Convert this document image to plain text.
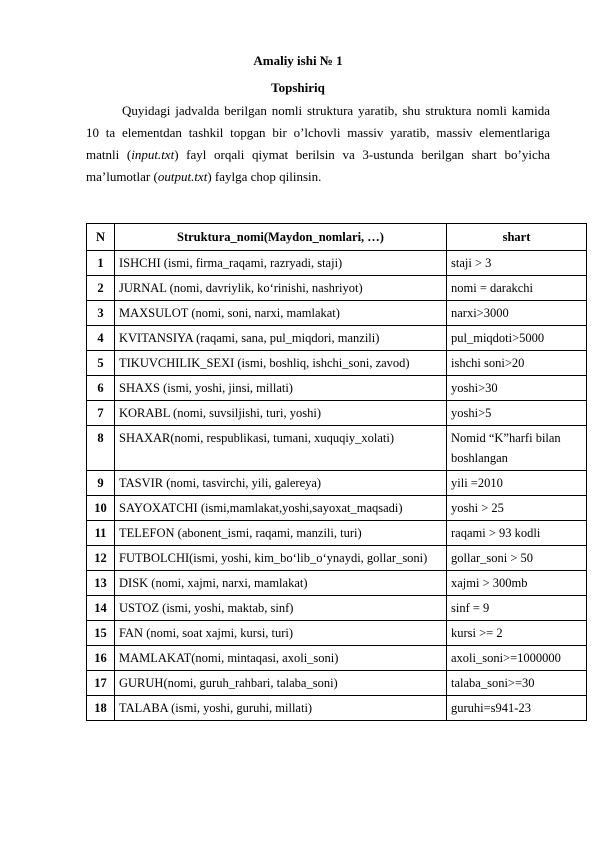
Amaliy ishi № 1
Topshiriq

Quyidagi jadvalda berilgan nomli struktura yaratib, shu struktura nomli kamida 10 ta elementdan tashkil topgan bir o’lchovli massiv yaratib, massiv elementlariga matnli (input.txt) fayl orqali qiymat berilsin va 3-ustunda berilgan shart bo’yicha ma’lumotlar (output.txt) faylga chop qilinsin.

N	Struktura_nomi(Maydon_nomlari, …)	shart
1	ISHCHI (ismi, firma_raqami, razryadi, staji)	staji > 3
2	JURNAL (nomi, davriylik, ko‘rinishi, nashriyot)	nomi = darakchi
3	MAXSULOT (nomi, soni, narxi, mamlakat)	narxi>3000
4	KVITANSIYA (raqami, sana, pul_miqdori, manzili)	pul_miqdoti>5000
5	TIKUVCHILIK_SEXI (ismi, boshliq, ishchi_soni, zavod)	ishchi soni>20
6	SHAXS (ismi, yoshi, jinsi, millati)	yoshi>30
7	KORABL (nomi, suvsiljishi, turi, yoshi)	yoshi>5
8	SHAXAR(nomi, respublikasi, tumani, xuquqiy_xolati)	Nomid “K”harfi bilan boshlangan
9	TASVIR (nomi, tasvirchi, yili, galereya)	yili =2010
10	SAYOXATCHI (ismi,mamlakat,yoshi,sayoxat_maqsadi)	yoshi > 25
11	TELEFON (abonent_ismi, raqami, manzili, turi)	raqami > 93 kodli
12	FUTBOLCHI(ismi, yoshi, kim_bo‘lib_o‘ynaydi, gollar_soni)	gollar_soni > 50
13	DISK (nomi, xajmi, narxi, mamlakat)	xajmi > 300mb
14	USTOZ (ismi, yoshi, maktab, sinf)	sinf = 9
15	FAN (nomi, soat xajmi, kursi, turi)	kursi >= 2
16	MAMLAKAT(nomi, mintaqasi, axoli_soni)	axoli_soni>=1000000
17	GURUH(nomi, guruh_rahbari, talaba_soni)	talaba_soni>=30
18	TALABA (ismi, yoshi, guruhi, millati)	guruhi=s941-23
